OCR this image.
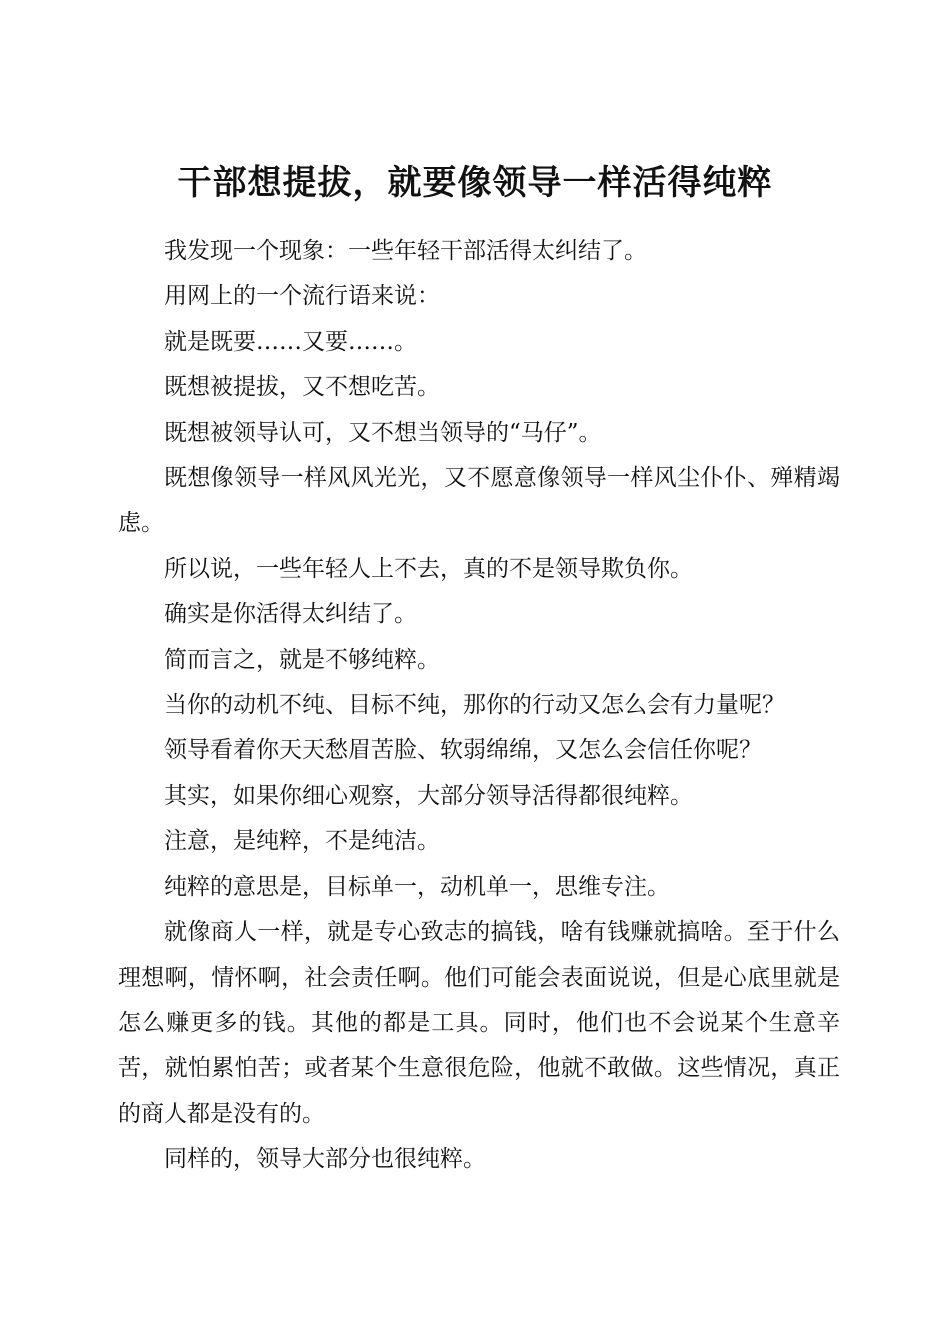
干部想提拔，就要像领导一样活得纯粹

我发现一个现象：一些年轻干部活得太纠结了。

用网上的一个流行语来说：

就是既要……又要……。

既想被提拔，又不想吃苦。

既想被领导认可，又不想当领导的“马仔”。

既想像领导一样风风光光，又不愿意像领导一样风尘仆仆、殚精竭虑。

所以说，一些年轻人上不去，真的不是领导欺负你。

确实是你活得太纠结了。

简而言之，就是不够纯粹。

当你的动机不纯、目标不纯，那你的行动又怎么会有力量呢？

领导看着你天天愁眉苦脸、软弱绵绵，又怎么会信任你呢？

其实，如果你细心观察，大部分领导活得都很纯粹。

注意，是纯粹，不是纯洁。

纯粹的意思是，目标单一，动机单一，思维专注。

就像商人一样，就是专心致志的搞钱，啥有钱赚就搞啥。至于什么理想啊，情怀啊，社会责任啊。他们可能会表面说说，但是心底里就是怎么赚更多的钱。其他的都是工具。同时，他们也不会说某个生意辛苦，就怕累怕苦；或者某个生意很危险，他就不敢做。这些情况，真正的商人都是没有的。

同样的，领导大部分也很纯粹。
